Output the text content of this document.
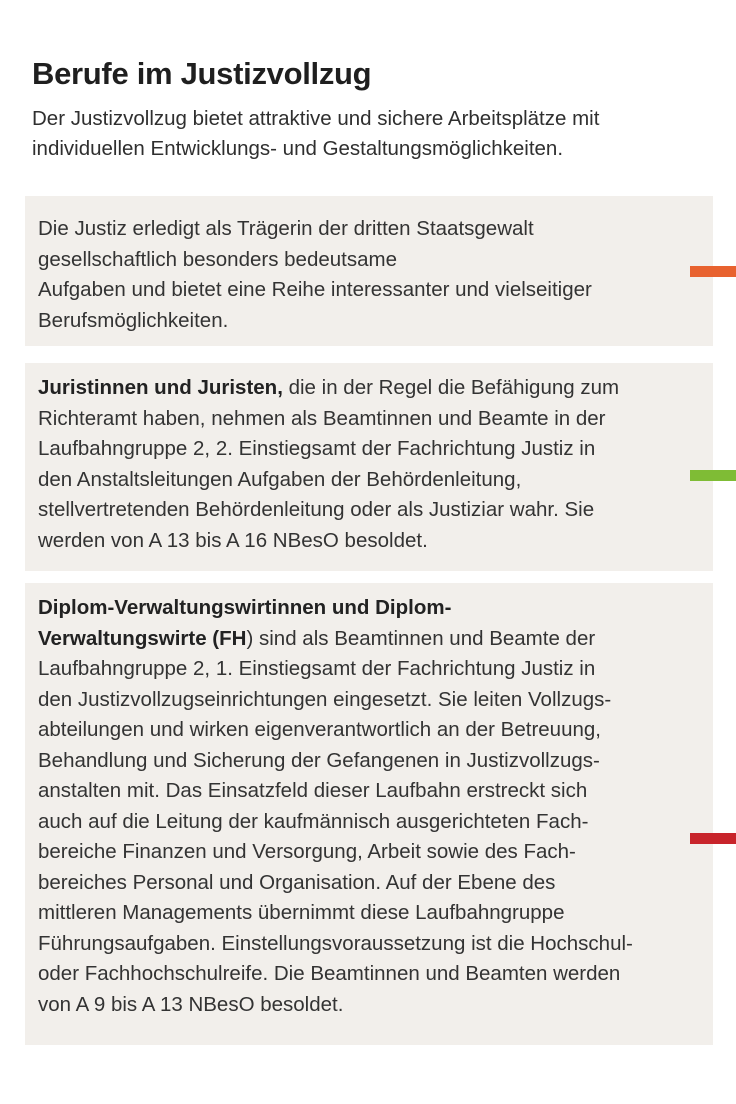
Berufe im Justizvollzug

Der Justizvollzug bietet attraktive und sichere Arbeitsplätze mit individuellen Entwicklungs- und Gestaltungsmöglichkeiten.

Die Justiz erledigt als Trägerin der dritten Staatsgewalt

gesellschaftlich besonders bedeutsame

Aufgaben und bietet eine Reihe interessanter und vielseitiger

Berufsmöglichkeiten.

Juristinnen und Juristen, die in der Regel die Befähigung zum

Richteramt haben, nehmen als Beamtinnen und Beamte in der

Laufbahngruppe 2, 2. Einstiegsamt der Fachrichtung Justiz in

den Anstaltsleitungen Aufgaben der Behördenleitung,

stellvertretenden Behördenleitung oder als Justiziar wahr. Sie

werden von A 13 bis A 16 NBesO besoldet.

Diplom-Verwaltungswirtinnen und Diplom-

Verwaltungswirte (FH) sind als Beamtinnen und Beamte der

Laufbahngruppe 2, 1. Einstiegsamt der Fachrichtung Justiz in

den Justizvollzugseinrichtungen eingesetzt. Sie leiten Vollzugs-

abteilungen und wirken eigenverantwortlich an der Betreuung,

Behandlung und Sicherung der Gefangenen in Justizvollzugs-

anstalten mit. Das Einsatzfeld dieser Laufbahn erstreckt sich

auch auf die Leitung der kaufmännisch ausgerichteten Fach-

bereiche Finanzen und Versorgung, Arbeit sowie des Fach-

bereiches Personal und Organisation. Auf der Ebene des

mittleren Managements übernimmt diese Laufbahngruppe

Führungsaufgaben. Einstellungsvoraussetzung ist die Hochschul-

oder Fachhochschulreife. Die Beamtinnen und Beamten werden

von A 9 bis A 13 NBesO besoldet.
